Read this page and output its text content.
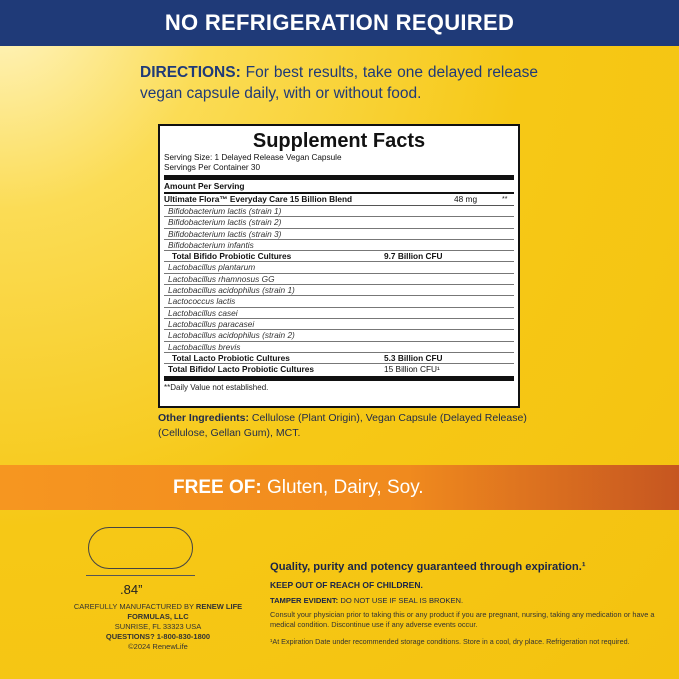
NO REFRIGERATION REQUIRED
DIRECTIONS: For best results, take one delayed release vegan capsule daily, with or without food.
Supplement Facts
Serving Size: 1 Delayed Release Vegan Capsule
Servings Per Container 30
Amount Per Serving
Ultimate Flora™ Everyday Care 15 Billion Blend	48 mg	**
Bifidobacterium lactis (strain 1)
Bifidobacterium lactis (strain 2)
Bifidobacterium lactis (strain 3)
Bifidobacterium infantis
Total Bifido Probiotic Cultures	9.7 Billion CFU
Lactobacillus plantarum
Lactobacillus rhamnosus GG
Lactobacillus acidophilus (strain 1)
Lactococcus lactis
Lactobacillus casei
Lactobacillus paracasei
Lactobacillus acidophilus (strain 2)
Lactobacillus brevis
Total Lacto Probiotic Cultures	5.3 Billion CFU
Total Bifido/ Lacto Probiotic Cultures	15 Billion CFU¹
**Daily Value not established.
Other Ingredients: Cellulose (Plant Origin), Vegan Capsule (Delayed Release) (Cellulose, Gellan Gum), MCT.
FREE OF: Gluten, Dairy, Soy.
.84”
CAREFULLY MANUFACTURED BY RENEW LIFE FORMULAS, LLC
SUNRISE, FL 33323 USA
QUESTIONS? 1-800-830-1800
©2024 RenewLife
Quality, purity and potency guaranteed through expiration.¹
KEEP OUT OF REACH OF CHILDREN.
TAMPER EVIDENT: DO NOT USE IF SEAL IS BROKEN.
Consult your physician prior to taking this or any product if you are pregnant, nursing, taking any medication or have a medical condition. Discontinue use if any adverse events occur.
¹At Expiration Date under recommended storage conditions. Store in a cool, dry place. Refrigeration not required.
